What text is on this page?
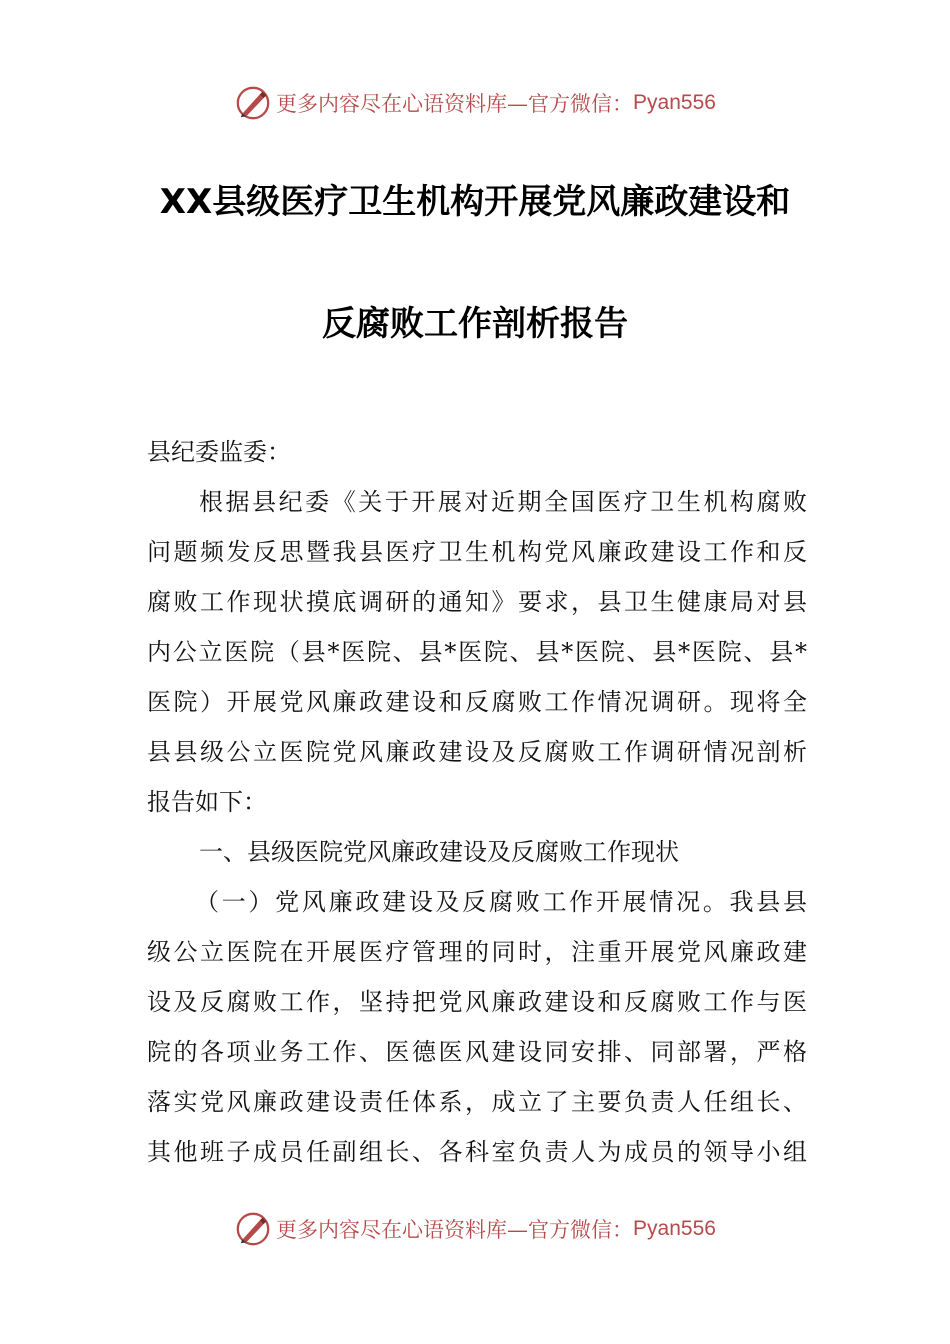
更多内容尽在心语资料库—官方微信： Pyan556
XX县级医疗卫生机构开展党风廉政建设和
反腐败工作剖析报告
县纪委监委：
根据县纪委《关于开展对近期全国医疗卫生机构腐败
问题频发反思暨我县医疗卫生机构党风廉政建设工作和反
腐败工作现状摸底调研的通知》要求，县卫生健康局对县
内公立医院（县*医院、县*医院、县*医院、县*医院、县*
医院）开展党风廉政建设和反腐败工作情况调研。现将全
县县级公立医院党风廉政建设及反腐败工作调研情况剖析
报告如下：
一、县级医院党风廉政建设及反腐败工作现状
（一）党风廉政建设及反腐败工作开展情况。我县县
级公立医院在开展医疗管理的同时，注重开展党风廉政建
设及反腐败工作，坚持把党风廉政建设和反腐败工作与医
院的各项业务工作、医德医风建设同安排、同部署，严格
落实党风廉政建设责任体系，成立了主要负责人任组长、
其他班子成员任副组长、各科室负责人为成员的领导小组
更多内容尽在心语资料库—官方微信： Pyan556
